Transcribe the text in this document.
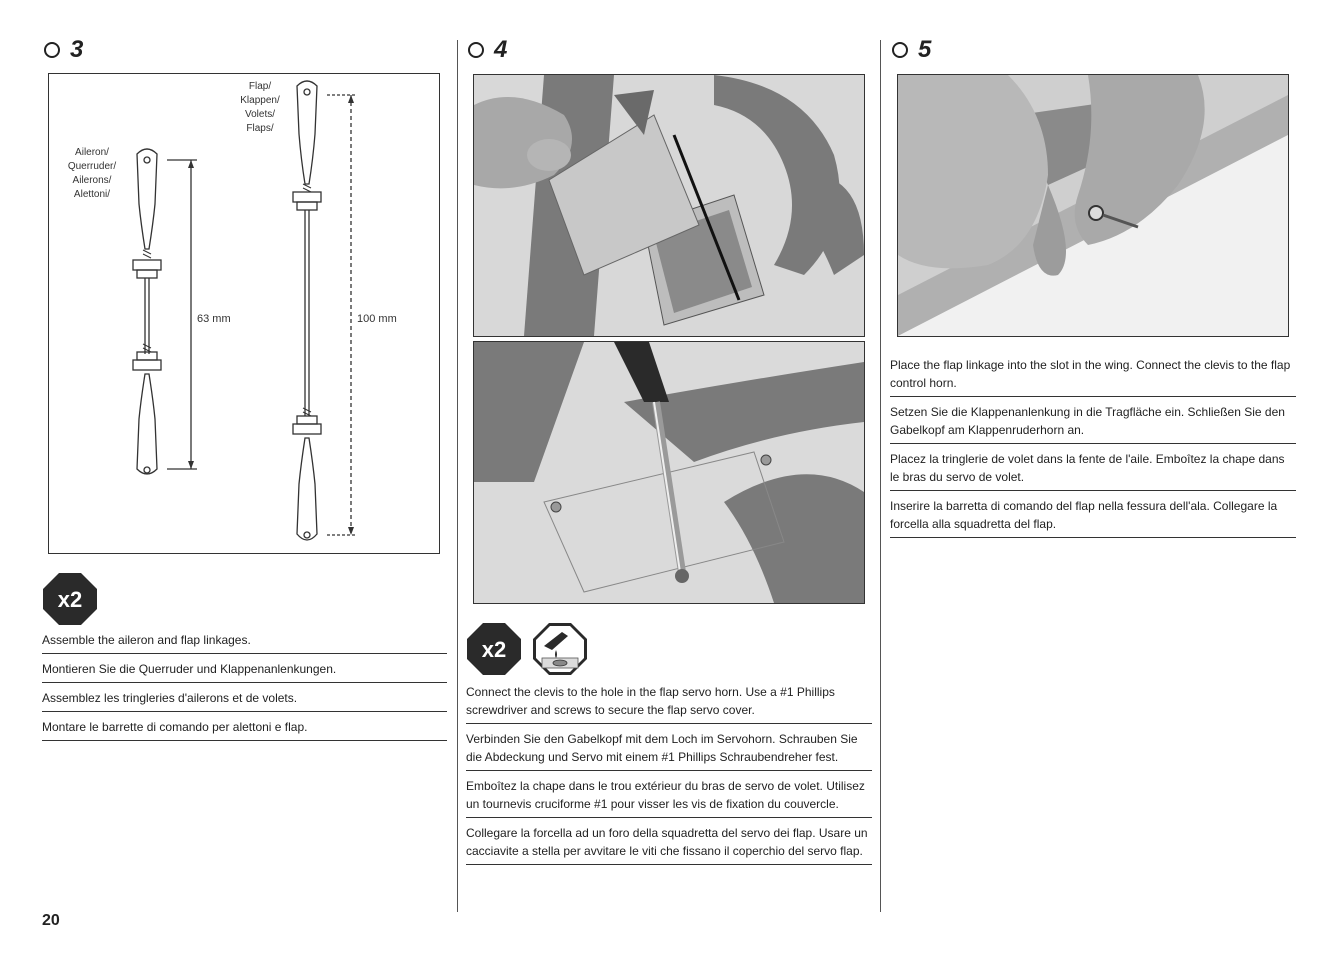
3
Aileron/
Querruder/
Ailerons/
Alettoni/
Flap/
Klappen/
Volets/
Flaps/
63 mm	100 mm
x2

Assemble the aileron and flap linkages.

Montieren Sie die Querruder und Klappenanlenkungen.

Assemblez les tringleries d'ailerons et de volets.

Montare le barrette di comando per alettoni e flap.

4
x2

Connect the clevis to the hole in the flap servo horn. Use a #1 Phillips screwdriver and screws to secure the flap servo cover.

Verbinden Sie den Gabelkopf mit dem Loch im Servohorn. Schrauben Sie die Abdeckung und Servo mit einem #1 Phillips Schraubendreher fest.

Emboîtez la chape dans le trou extérieur du bras de servo de volet. Utilisez un tournevis cruciforme #1 pour visser les vis de fixation du couvercle.

Collegare la forcella ad un foro della squadretta del servo dei flap. Usare un cacciavite a stella per avvitare le viti che fissano il coperchio del servo flap.

5

Place the flap linkage into the slot in the wing. Connect the clevis to the flap control horn.

Setzen Sie die Klappenanlenkung in die Tragfläche ein. Schließen Sie den Gabelkopf am Klappenruderhorn an.

Placez la tringlerie de volet dans la fente de l'aile. Emboîtez la chape dans le bras du servo de volet.

Inserire la barretta di comando del flap nella fessura dell'ala. Collegare la forcella alla squadretta del flap.

20
